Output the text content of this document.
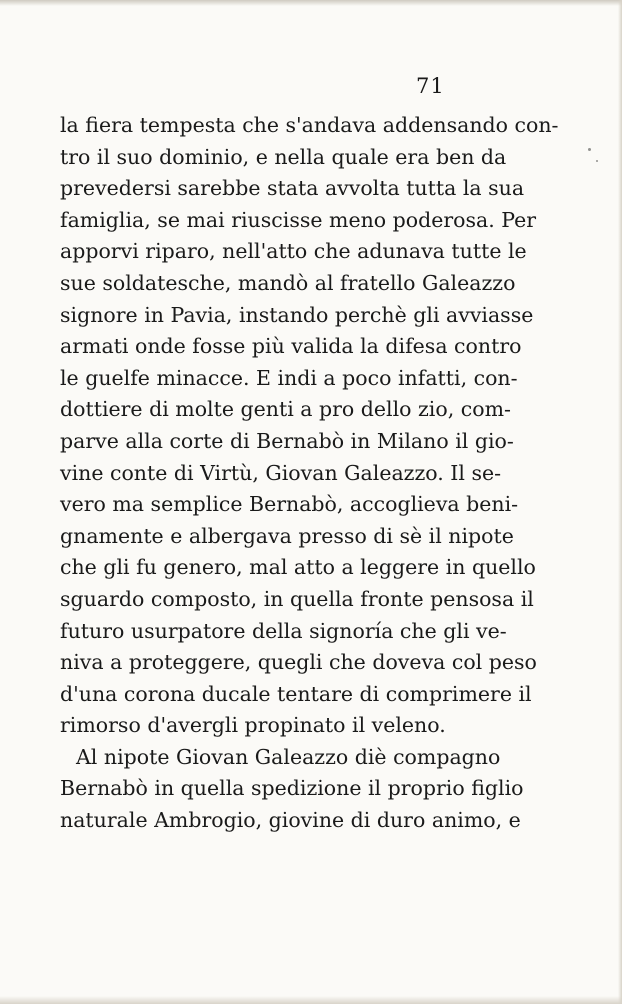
71
la fiera tempesta che s'andava addensando con-
tro il suo dominio, e nella quale era ben da
prevedersi sarebbe stata avvolta tutta la sua
famiglia, se mai riuscisse meno poderosa. Per
apporvi riparo, nell'atto che adunava tutte le
sue soldatesche, mandò al fratello Galeazzo
signore in Pavia, instando perchè gli avviasse
armati onde fosse più valida la difesa contro
le guelfe minacce. E indi a poco infatti, con-
dottiere di molte genti a pro dello zio, com-
parve alla corte di Bernabò in Milano il gio-
vine conte di Virtù, Giovan Galeazzo. Il se-
vero ma semplice Bernabò, accoglieva beni-
gnamente e albergava presso di sè il nipote
che gli fu genero, mal atto a leggere in quello
sguardo composto, in quella fronte pensosa il
futuro usurpatore della signoría che gli ve-
niva a proteggere, quegli che doveva col peso
d'una corona ducale tentare di comprimere il
rimorso d'avergli propinato il veleno.
Al nipote Giovan Galeazzo diè compagno
Bernabò in quella spedizione il proprio figlio
naturale Ambrogio, giovine di duro animo, e
